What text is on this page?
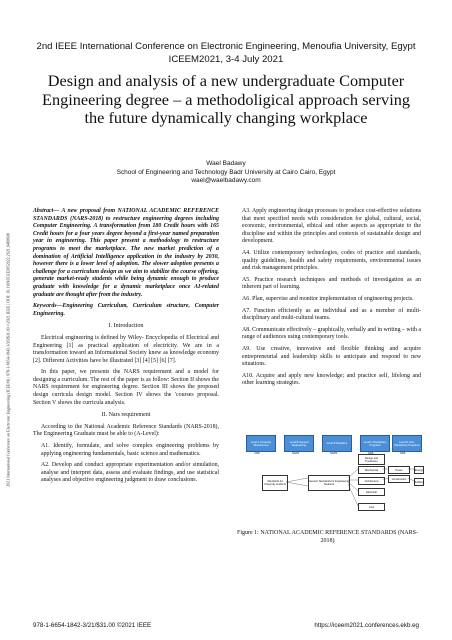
2nd IEEE International Conference on Electronic Engineering, Menoufia University, Egypt
ICEEM2021, 3-4 July 2021
Design and analysis of a new undergraduate Computer Engineering degree – a methodoligical approach serving the future dynamically changing workplace
Wael Badawy
School of Engineering and Technology Badr University at Cairo Cairo, Egypt
wael@waelbadawy.com
2021 International Conference on Electronic Engineering (ICEEM) | 978-1-6654-1842-3/20/$31.00 ©2021 IEEE | DOI: 10.1109/ICEEM52022.2021.9480608

Abstract— A new proposal from NATIONAL ACADEMIC REFERENCE STANDARDS (NARS-2018) to restructure engineering degrees including Computer Engineering. A transformation from 180 Credit hours with 165 Credit hours for a four years degree beyond a first-year named preparation year in engineering. This paper present a methodology to restructure programs to meet the marketplace. The new market prediction of a domination of Artificial Intelligence application in the industry by 2030, however there is a lower level of adoption. The slower adoption presents a challenge for a curriculum design as we aim to stabilize the course offering, generate market-ready students while being dynamic enough to produce graduate with knowledge for a dynamic marketplace once AI-related graduate are thought after from the industry.

Keywords—Engineering Curriculum, Curriculum structure, Computer Engineering.

I. Introduction

Electrical engineering is defined by Wiley- Encyclopedia of Electrical and Engineering [1] as practical application of electricity. We are in a transformation toward an Informational Society knew as knowledge economy [2]. Different Activities have be illustrated [3] [4] [5] [6] [7].

In this paper, we presents the NARS requirement and a model for designing a curriculum. The rest of the paper is as follow: Section II shows the NARS requirement for engineering degree. Section III shows the proposed design curricula design model. Section IV shows the 'courses proposal. Section V shows the curricula analysis.

II. Nars requirement

According to the National Academic Reference Standards (NARS-2018), The Engineering Graduate must be able to (A-Level):

A1. Identify, formulate, and solve complex engineering problems by applying engineering fundamentals, basic science and mathematics.

A2. Develop and conduct appropriate experimentation and/or simulation, analyse and interpret data, assess and evaluate findings, and use statistical analyses and objective engineering judgment to draw conclusions.

A3. Apply engineering design processes to produce cost-effective solutions that meet specified needs with consideration for global, cultural, social, economic, environmental, ethical and other aspects as appropriate to the discipline and within the principles and contexts of sustainable design and development.

A4. Utilize contemporary technologies, codes of practice and standards, quality guidelines, health and safety requirements, environmental issues and risk management principles.

A5. Practice research techniques and methods of investigation as an inherent part of learning.

A6. Plan, supervise and monitor implementation of engineering projects.

A7. Function efficiently as an individual and as a member of multi-disciplinary and multi-cultural teams.

A8. Communicate effectively – graphically, verbally and in writing – with a range of audiences using contemporary tools.

A9. Use creative, innovative and flexible thinking and acquire entrepreneurial and leadership skills to anticipate and respond to new situations.

A10. Acquire and apply new knowledge; and practice self, lifelong and other learning strategies.

Level A University Requirement
Level B General Engineering	Level B Discipline	Level C Disciplinary Programs
Level D Inter-Disciplinary Programs
UNR	NARS	NARS	NRS	NRS
Standards for University students
Generic Standards for Engineering Students
Design and Production
Mechanical	Power	Energy
Architecture
Construction
Building
Electrical
Civil
Figure 1: NATIONAL ACADEMIC REFERENCE STANDARDS (NARS-2018)
978-1-6654-1842-3/21/$31.00 ©2021 IEEE	https://iceem2021.conferences.ekb.eg
